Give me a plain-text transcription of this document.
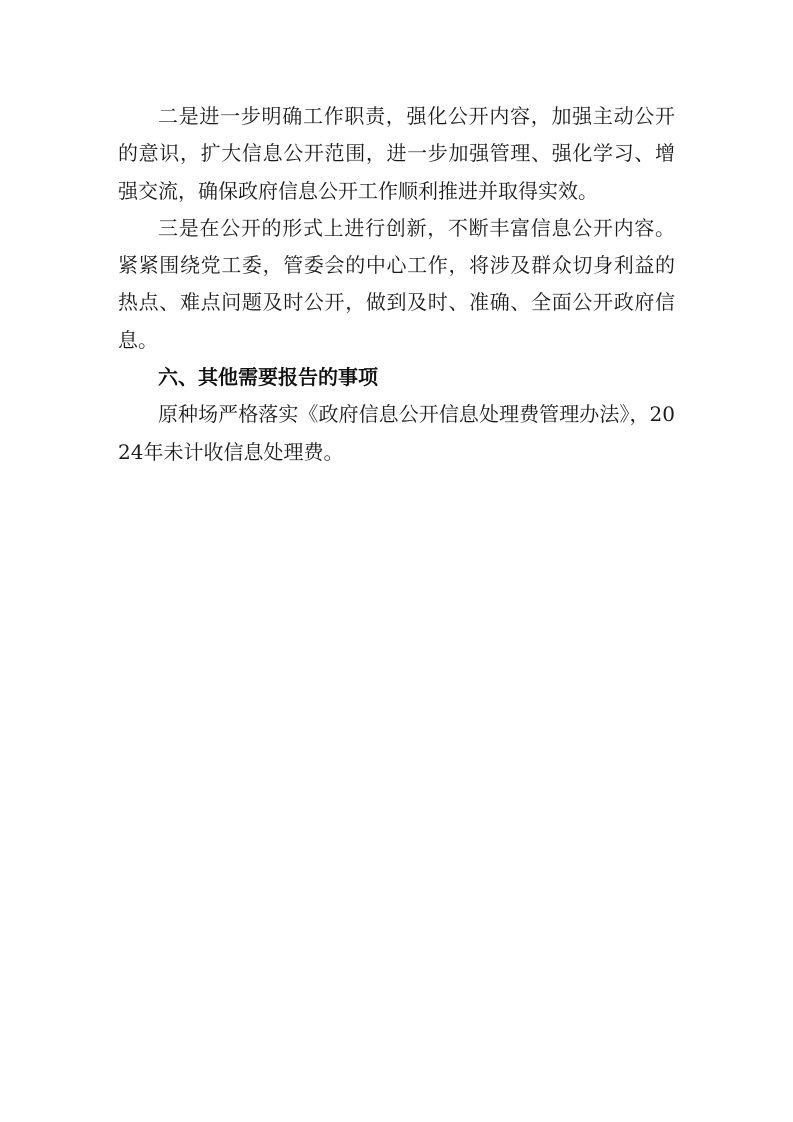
二是进一步明确工作职责，强化公开内容，加强主动公开的意识，扩大信息公开范围，进一步加强管理、强化学习、增强交流，确保政府信息公开工作顺利推进并取得实效。

三是在公开的形式上进行创新，不断丰富信息公开内容。紧紧围绕党工委，管委会的中心工作，将涉及群众切身利益的热点、难点问题及时公开，做到及时、准确、全面公开政府信息。

六、其他需要报告的事项

原种场严格落实《政府信息公开信息处理费管理办法》，2024年未计收信息处理费。
